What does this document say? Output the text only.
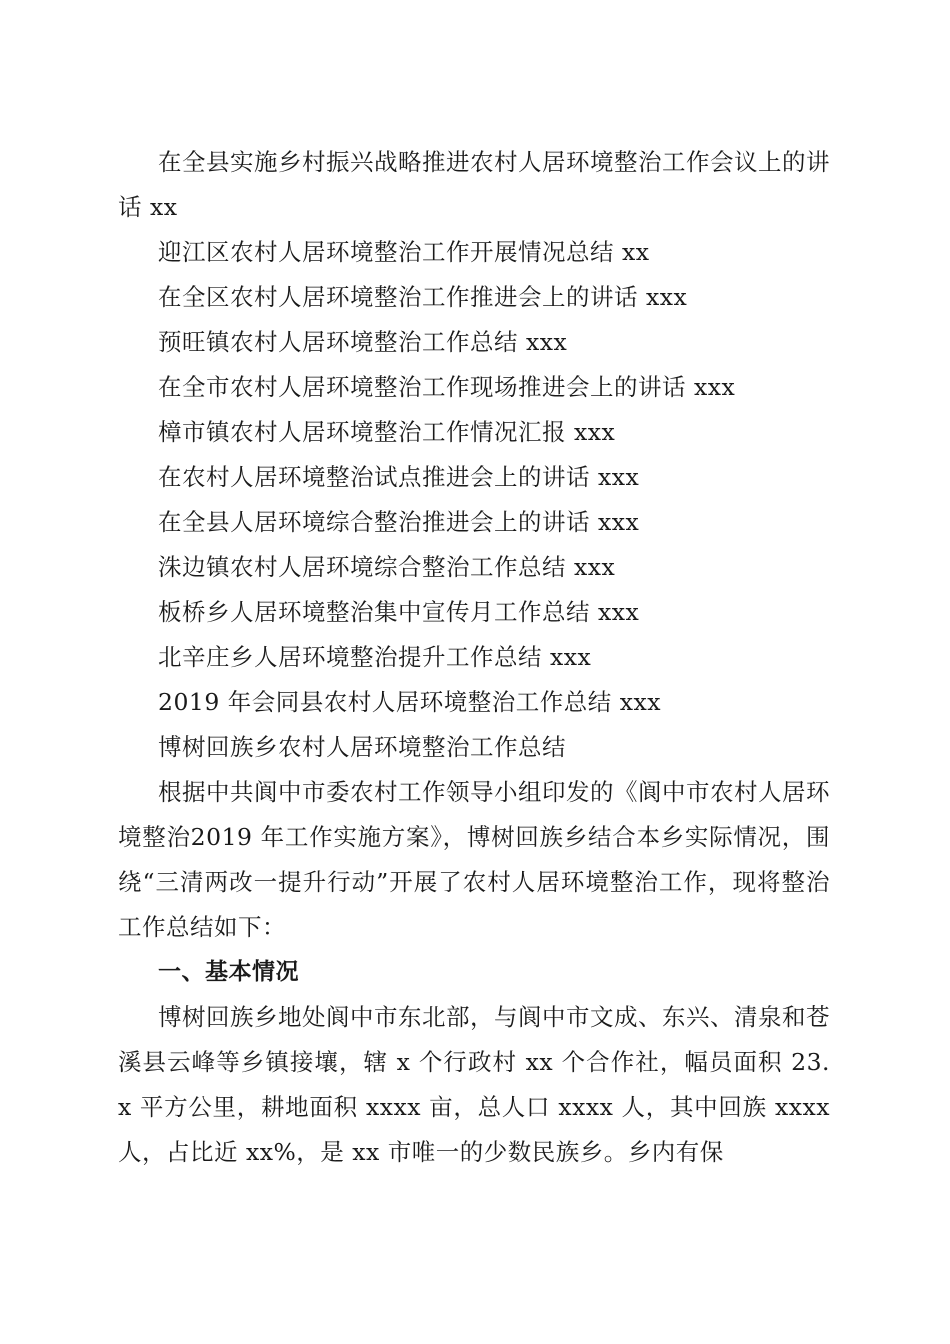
在全县实施乡村振兴战略推进农村人居环境整治工作会议上的讲话 xx

迎江区农村人居环境整治工作开展情况总结 xx

在全区农村人居环境整治工作推进会上的讲话 xxx

预旺镇农村人居环境整治工作总结 xxx

在全市农村人居环境整治工作现场推进会上的讲话 xxx

樟市镇农村人居环境整治工作情况汇报 xxx

在农村人居环境整治试点推进会上的讲话 xxx

在全县人居环境综合整治推进会上的讲话 xxx

洙边镇农村人居环境综合整治工作总结 xxx

板桥乡人居环境整治集中宣传月工作总结 xxx

北辛庄乡人居环境整治提升工作总结 xxx

2019 年会同县农村人居环境整治工作总结 xxx

博树回族乡农村人居环境整治工作总结

根据中共阆中市委农村工作领导小组印发的《阆中市农村人居环境整治2019 年工作实施方案》，博树回族乡结合本乡实际情况，围绕“三清两改一提升行动”开展了农村人居环境整治工作，现将整治工作总结如下：

一、基本情况

博树回族乡地处阆中市东北部，与阆中市文成、东兴、清泉和苍溪县云峰等乡镇接壤，辖 x 个行政村 xx 个合作社，幅员面积 23. x 平方公里，耕地面积 xxxx 亩，总人口 xxxx 人，其中回族 xxxx 人，占比近 xx%，是 xx 市唯一的少数民族乡。乡内有保
